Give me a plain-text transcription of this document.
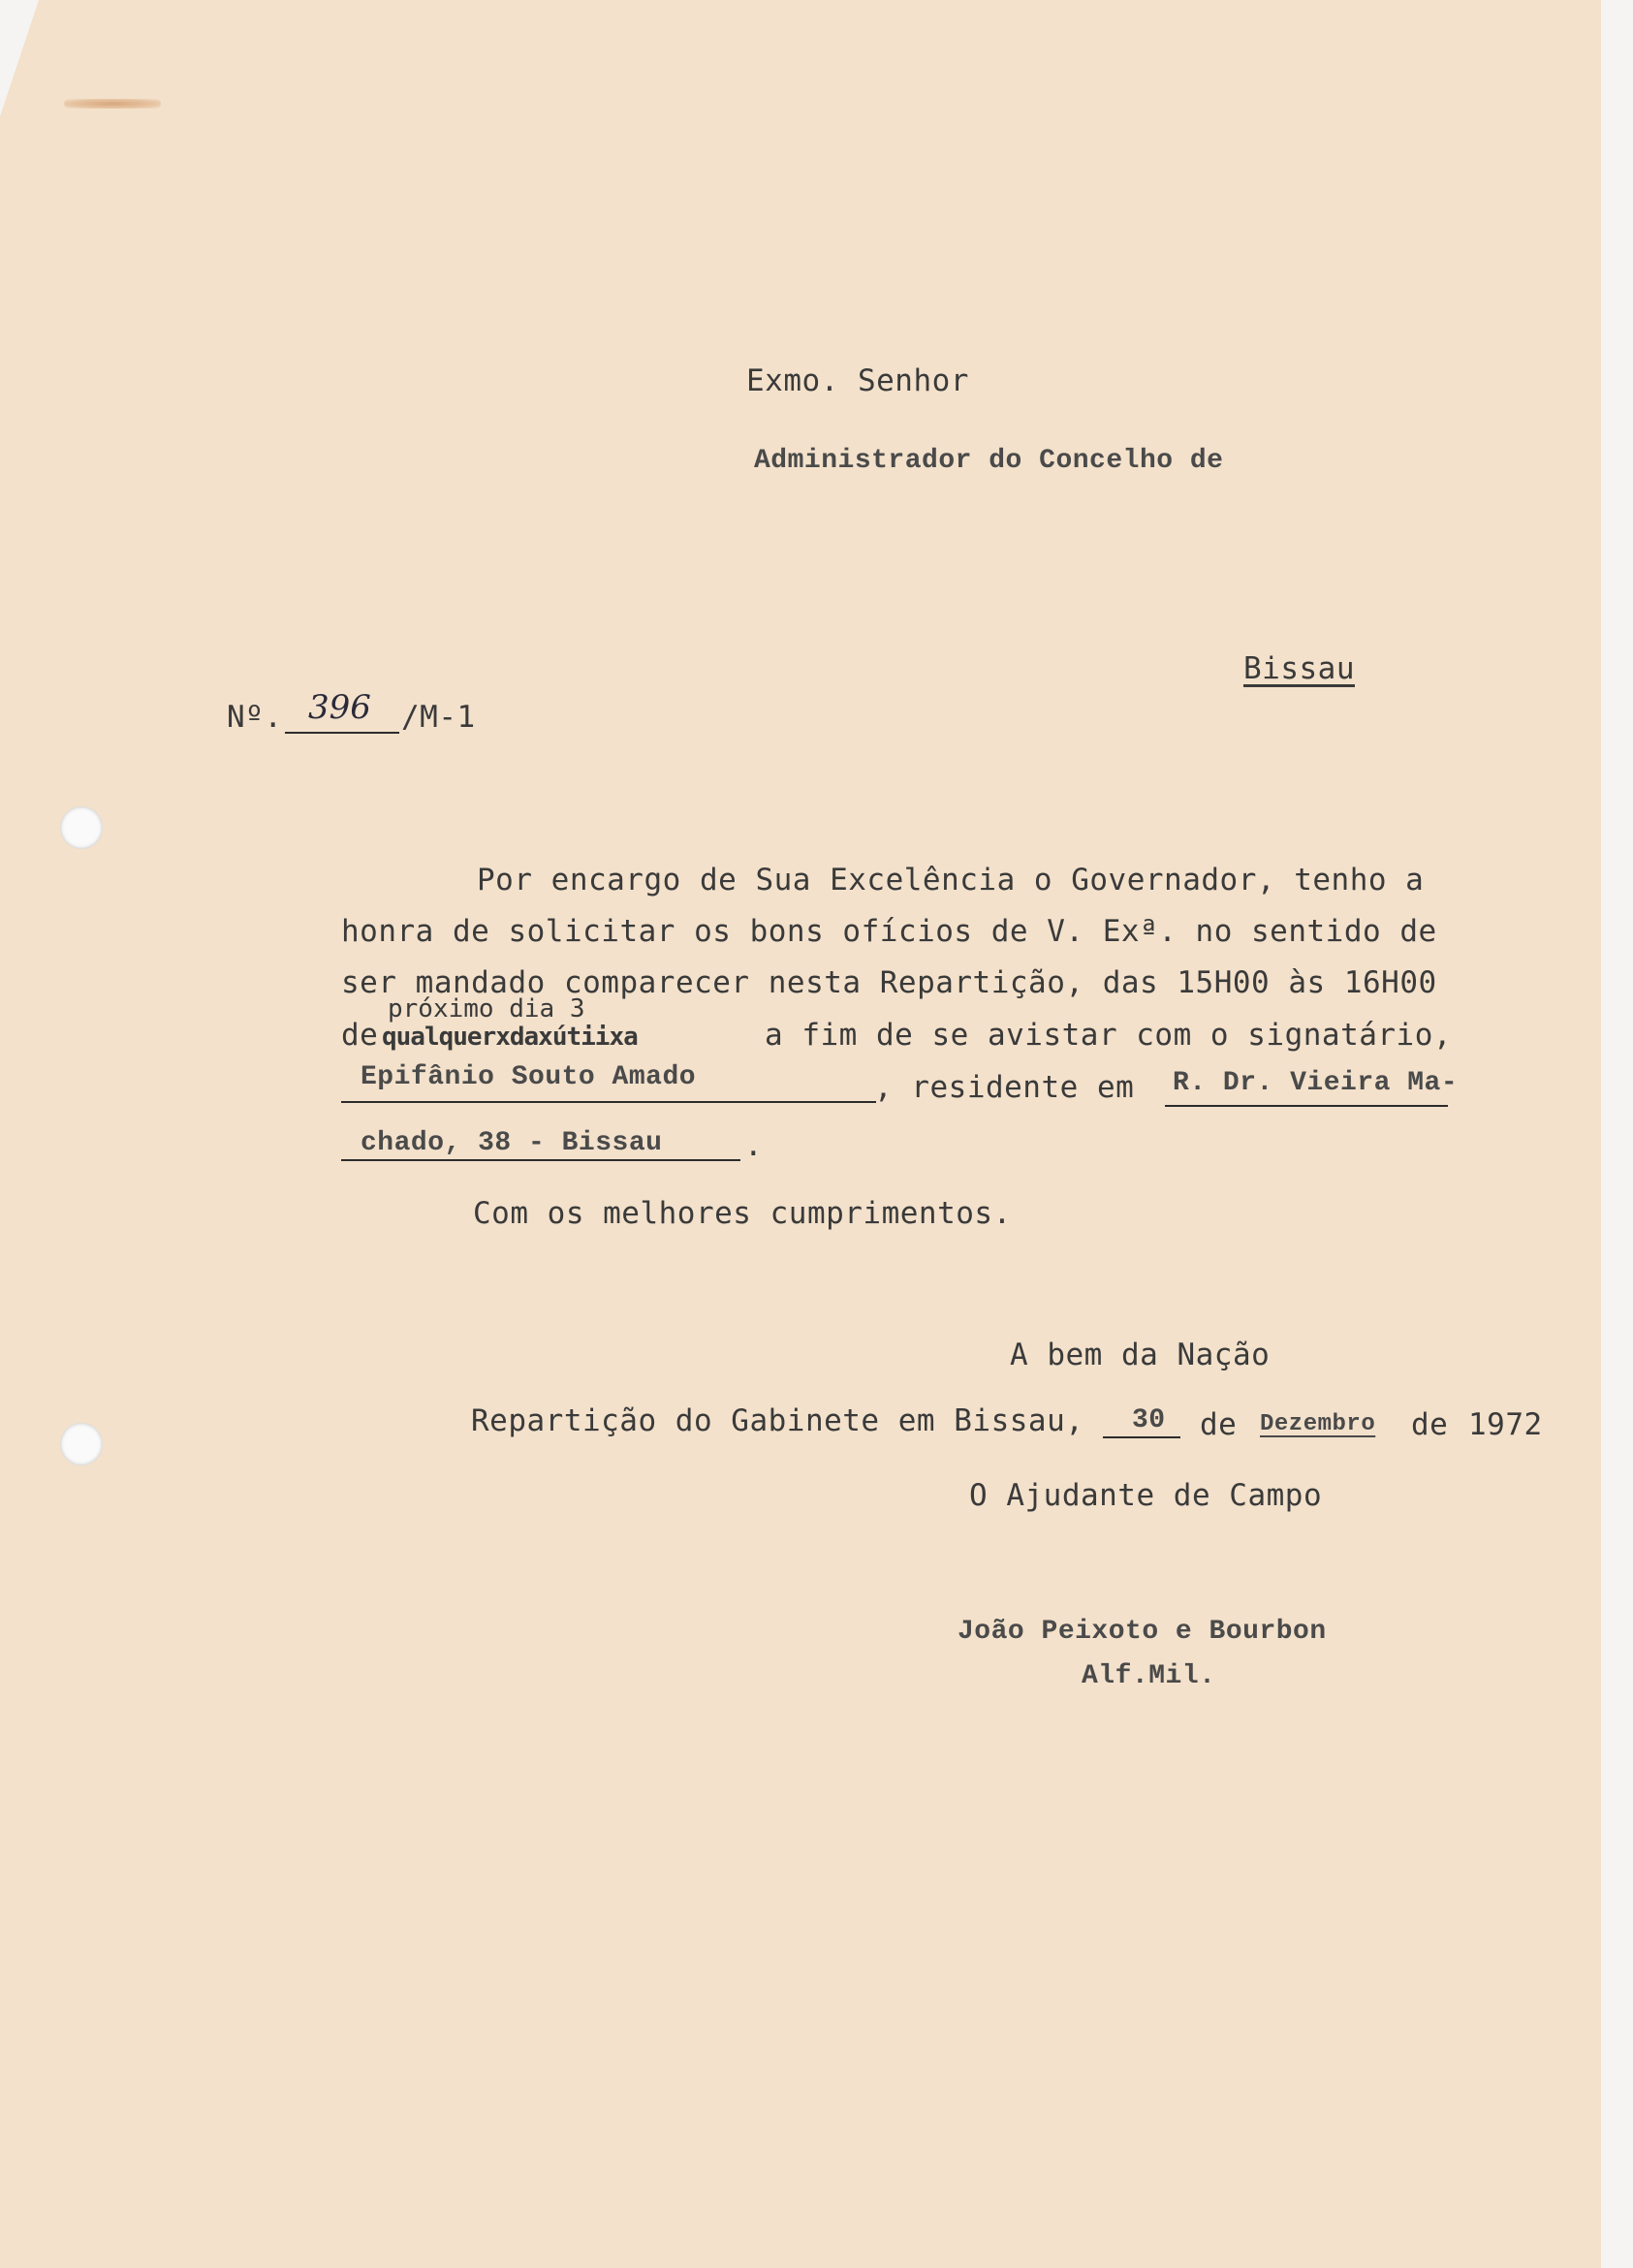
Exmo. Senhor
Administrador do Concelho de
Bissau
Nº. 396 /M-1
Por encargo de Sua Excelência o Governador, tenho a
honra de solicitar os bons ofícios de V. Exª. no sentido de
ser mandado comparecer nesta Repartição, das 15H00 às 16H00
próximo dia 3
de qualquerxdaxútiixa	a fim de se avistar com o signatário,
Epifânio Souto Amado	, residente em R. Dr. Vieira Ma-
chado, 38 - Bissau	.
Com os melhores cumprimentos.
A bem da Nação
Repartição do Gabinete em Bissau, 30 de Dezembro de 1972
O Ajudante de Campo
João Peixoto e Bourbon
Alf.Mil.
